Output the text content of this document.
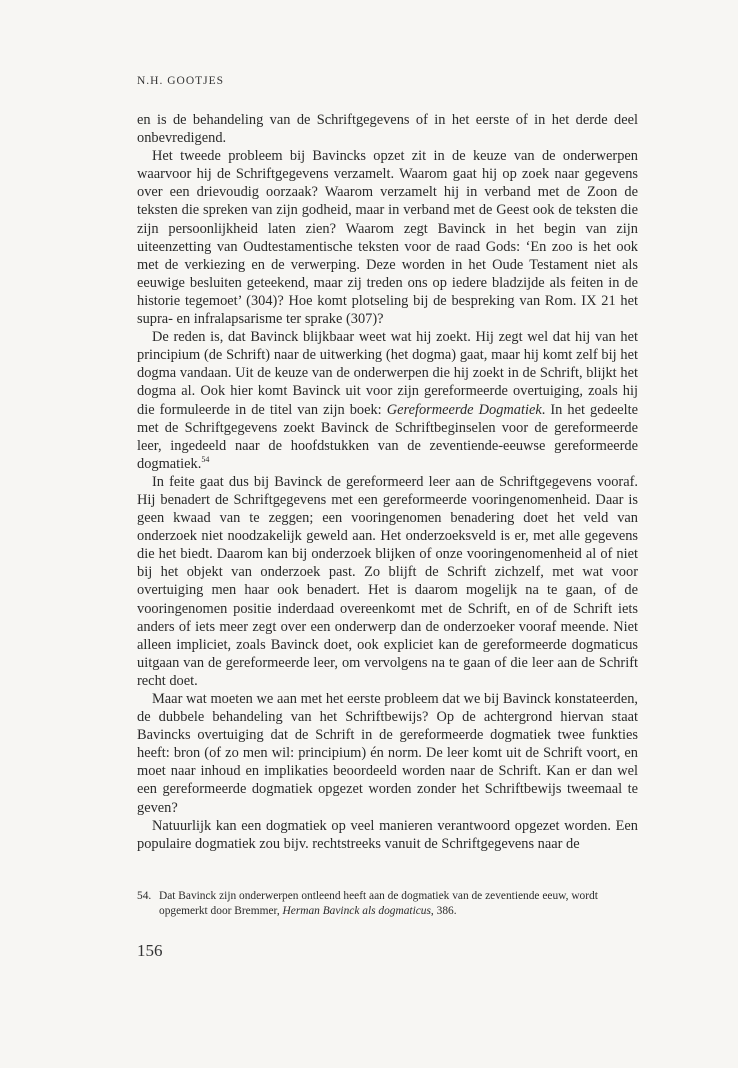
N.H. GOOTJES

en is de behandeling van de Schriftgegevens of in het eerste of in het derde deel onbevredigend.

Het tweede probleem bij Bavincks opzet zit in de keuze van de onderwerpen waarvoor hij de Schriftgegevens verzamelt. Waarom gaat hij op zoek naar gegevens over een drievoudig oorzaak? Waarom verzamelt hij in verband met de Zoon de teksten die spreken van zijn godheid, maar in verband met de Geest ook de teksten die zijn persoonlijkheid laten zien? Waarom zegt Bavinck in het begin van zijn uiteenzetting van Oudtestamentische teksten voor de raad Gods: ‘En zoo is het ook met de verkiezing en de verwerping. Deze worden in het Oude Testament niet als eeuwige besluiten geteekend, maar zij treden ons op iedere bladzijde als feiten in de historie tegemoet’ (304)? Hoe komt plotseling bij de bespreking van Rom. IX 21 het supra- en infralapsarisme ter sprake (307)?

De reden is, dat Bavinck blijkbaar weet wat hij zoekt. Hij zegt wel dat hij van het principium (de Schrift) naar de uitwerking (het dogma) gaat, maar hij komt zelf bij het dogma vandaan. Uit de keuze van de onderwerpen die hij zoekt in de Schrift, blijkt het dogma al. Ook hier komt Bavinck uit voor zijn gereformeerde overtuiging, zoals hij die formuleerde in de titel van zijn boek: Gereformeerde Dogmatiek. In het gedeelte met de Schriftgegevens zoekt Bavinck de Schriftbeginselen voor de gereformeerde leer, ingedeeld naar de hoofdstukken van de zeventiende-eeuwse gereformeerde dogmatiek.$^{54}$

In feite gaat dus bij Bavinck de gereformeerd leer aan de Schriftgegevens vooraf. Hij benadert de Schriftgegevens met een gereformeerde vooringenomenheid. Daar is geen kwaad van te zeggen; een vooringenomen benadering doet het veld van onderzoek niet noodzakelijk geweld aan. Het onderzoeksveld is er, met alle gegevens die het biedt. Daarom kan bij onderzoek blijken of onze vooringenomenheid al of niet bij het objekt van onderzoek past. Zo blijft de Schrift zichzelf, met wat voor overtuiging men haar ook benadert. Het is daarom mogelijk na te gaan, of de vooringenomen positie inderdaad overeenkomt met de Schrift, en of de Schrift iets anders of iets meer zegt over een onderwerp dan de onderzoeker vooraf meende. Niet alleen impliciet, zoals Bavinck doet, ook expliciet kan de gereformeerde dogmaticus uitgaan van de gereformeerde leer, om vervolgens na te gaan of die leer aan de Schrift recht doet.

Maar wat moeten we aan met het eerste probleem dat we bij Bavinck konstateerden, de dubbele behandeling van het Schriftbewijs? Op de achtergrond hiervan staat Bavincks overtuiging dat de Schrift in de gereformeerde dogmatiek twee funkties heeft: bron (of zo men wil: principium) én norm. De leer komt uit de Schrift voort, en moet naar inhoud en implikaties beoordeeld worden naar de Schrift. Kan er dan wel een gereformeerde dogmatiek opgezet worden zonder het Schriftbewijs tweemaal te geven?

Natuurlijk kan een dogmatiek op veel manieren verantwoord opgezet worden. Een populaire dogmatiek zou bijv. rechtstreeks vanuit de Schriftgegevens naar de

54. Dat Bavinck zijn onderwerpen ontleend heeft aan de dogmatiek van de zeventiende eeuw, wordt
opgemerkt door Bremmer, Herman Bavinck als dogmaticus, 386.
156
